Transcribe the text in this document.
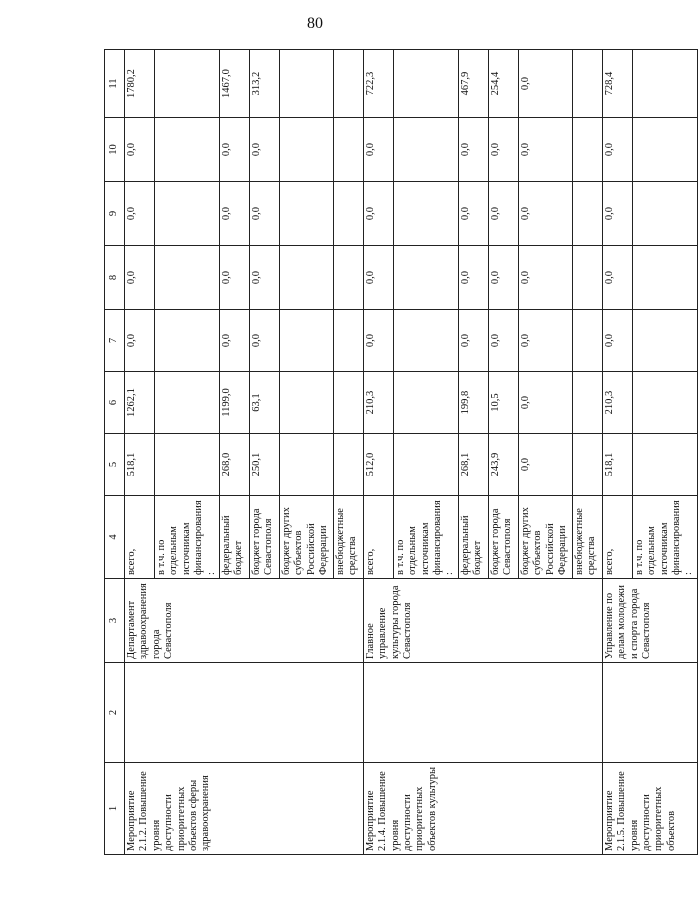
80
1	2	3	4	5	6	7	8	9	10	11
Мероприятие 2.1.2. Повышение уровня доступности приоритетных объектов сферы здравоохранения		Департамент здравоохранения города Севастополя	всего,	518,1	1262,1	0,0	0,0	0,0	0,0	1780,2
			в т.ч. по отдельным источникам финансирования:							
			федеральный бюджет	268,0	1199,0	0,0	0,0	0,0	0,0	1467,0
			бюджет города Севастополя	250,1	63,1	0,0	0,0	0,0	0,0	313,2
			бюджет других субъектов Российской Федерации							
			внебюджетные средства							
Мероприятие 2.1.4. Повышение уровня доступности приоритетных объектов культуры		Главное управление культуры города Севастополя	всего,	512,0	210,3	0,0	0,0	0,0	0,0	722,3
			в т.ч. по отдельным источникам финансирования:							
			федеральный бюджет	268,1	199,8	0,0	0,0	0,0	0,0	467,9
			бюджет города Севастополя	243,9	10,5	0,0	0,0	0,0	0,0	254,4
			бюджет других субъектов Российской Федерации	0,0	0,0	0,0	0,0	0,0	0,0	0,0
			внебюджетные средства							
Мероприятие 2.1.5. Повышение уровня доступности приоритетных объектов		Управление по делам молодежи и спорта города Севастополя	всего,	518,1	210,3	0,0	0,0	0,0	0,0	728,4
			в т.ч. по отдельным источникам финансирования:							
